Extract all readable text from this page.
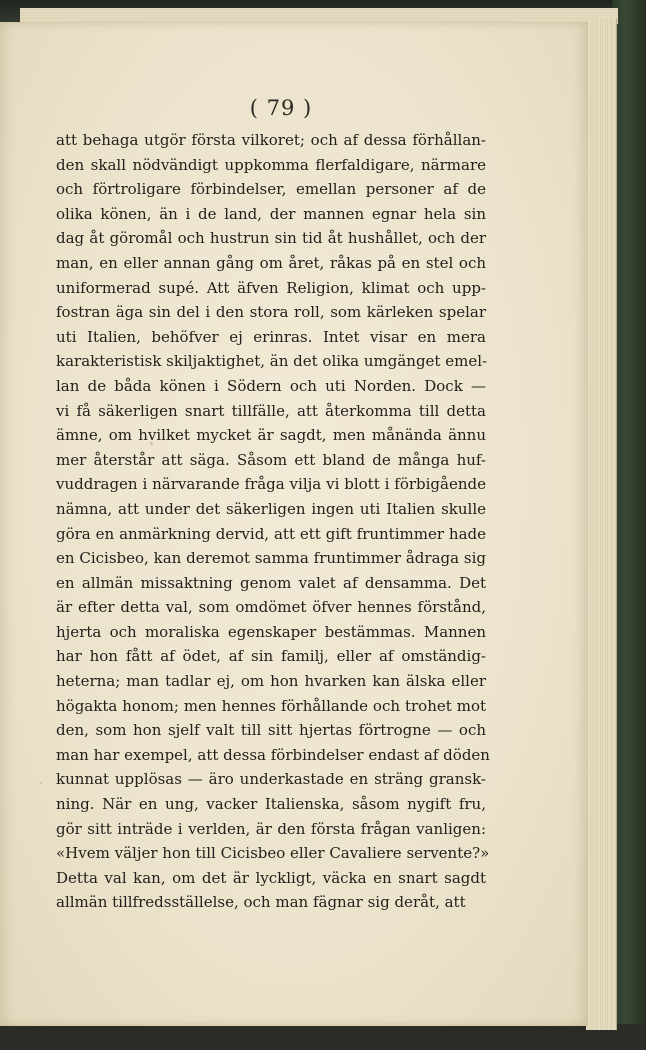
( 79 )
att behaga utgör första vilkoret; och af dessa förhållan-
den skall nödvändigt uppkomma flerfaldigare, närmare
och förtroligare förbindelser, emellan personer af de
olika könen, än i de land, der mannen egnar hela sin
dag åt göromål och hustrun sin tid åt hushållet, och der
man, en eller annan gång om året, råkas på en stel och
uniformerad supé. Att äfven Religion, klimat och upp-
fostran äga sin del i den stora roll, som kärleken spelar
uti Italien, behöfver ej erinras. Intet visar en mera
karakteristisk skiljaktighet, än det olika umgänget emel-
lan de båda könen i Södern och uti Norden. Dock —
vi få säkerligen snart tillfälle, att återkomma till detta
ämne, om hvilket mycket är sagdt, men månända ännu
mer återstår att säga. Såsom ett bland de många huf-
vuddragen i närvarande fråga vilja vi blott i förbigående
nämna, att under det säkerligen ingen uti Italien skulle
göra en anmärkning dervid, att ett gift fruntimmer hade
en Cicisbeo, kan deremot samma fruntimmer ådraga sig
en allmän missaktning genom valet af densamma. Det
är efter detta val, som omdömet öfver hennes förstånd,
hjerta och moraliska egenskaper bestämmas. Mannen
har hon fått af ödet, af sin familj, eller af omständig-
heterna; man tadlar ej, om hon hvarken kan älska eller
högakta honom; men hennes förhållande och trohet mot
den, som hon sjelf valt till sitt hjertas förtrogne — och
man har exempel, att dessa förbindelser endast af döden
kunnat upplösas — äro underkastade en sträng gransk-
ning. När en ung, vacker Italienska, såsom nygift fru,
gör sitt inträde i verlden, är den första frågan vanligen:
«Hvem väljer hon till Cicisbeo eller Cavaliere servente?»
Detta val kan, om det är lyckligt, väcka en snart sagdt
allmän tillfredsställelse, och man fägnar sig deråt, att
